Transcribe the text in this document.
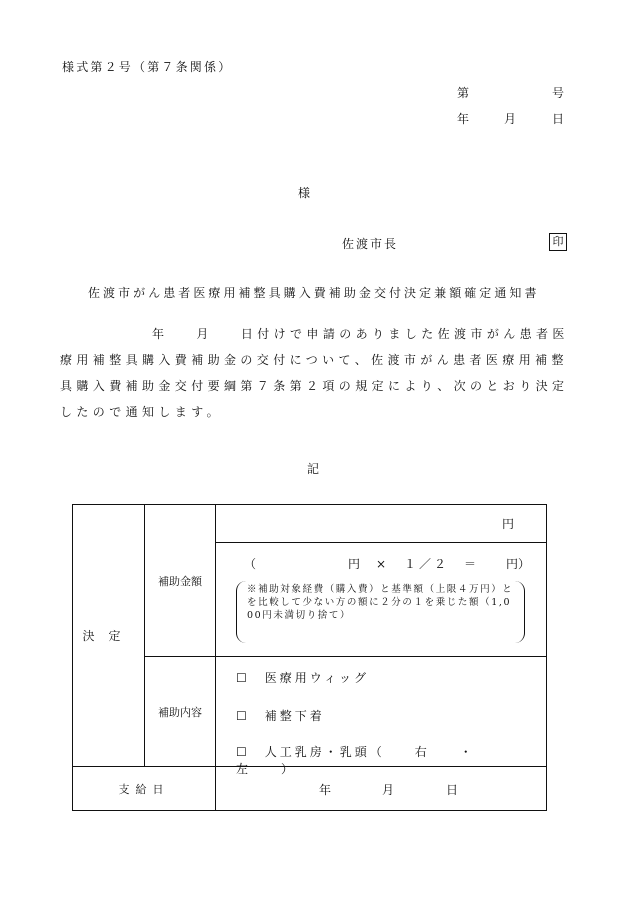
様式第２号（第７条関係）
第	号
年	月	日
様
佐渡市長	印
佐渡市がん患者医療用補整具購入費補助金交付決定兼額確定通知書
年 月 日付けで申請のありました佐渡市がん患者医療用補整具購入費補助金の交付について、佐渡市がん患者医療用補整具購入費補助金交付要綱第７条第２項の規定により、次のとおり決定したので通知します。
記
決定	補助金額	円

		（ 円 ×　１／２　＝ 円）

※補助対象経費（購入費）と基準額（上限４万円）とを比較して少ない方の額に２分の１を乗じた額（1,000円未満切り捨て）

	補助内容	☐　医療用ウィッグ
☐　補整下着
☐　人工乳房・乳頭（　　右　　・　　左　　）

支給日		年 月 日
